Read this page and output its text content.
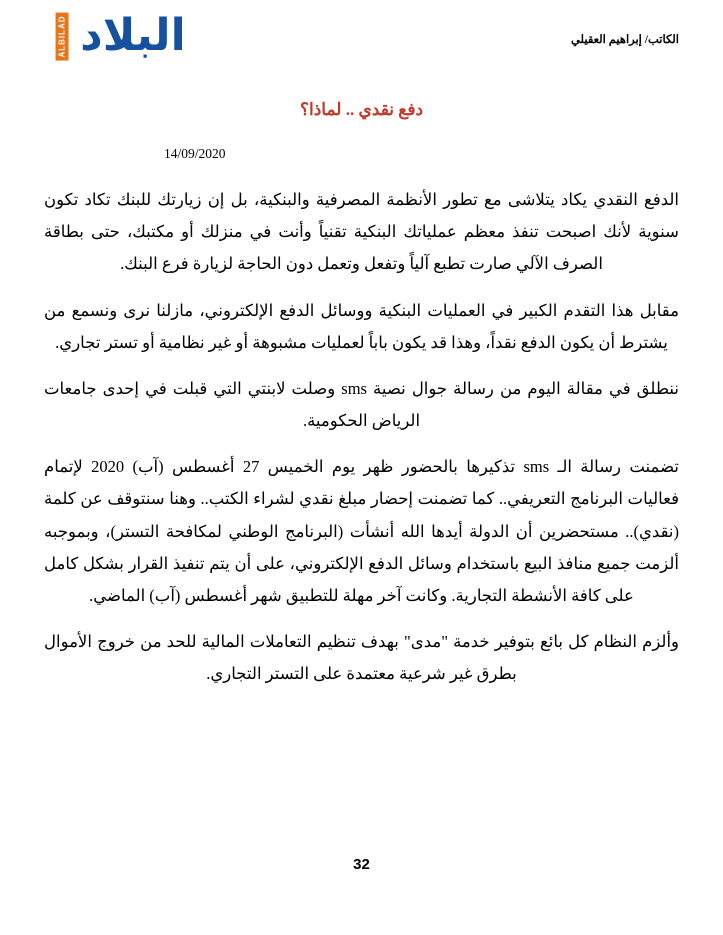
البلاد
ALBILAD	الكاتب/ إبراهيم العقيلي
دفع نقدي .. لماذا؟
14/09/2020

الدفع النقدي يكاد يتلاشى مع تطور الأنظمة المصرفية والبنكية، بل إن زيارتك للبنك تكاد تكون سنوية لأنك اصبحت تنفذ معظم عملياتك البنكية تقنياً وأنت في منزلك أو مكتبك، حتى بطاقة الصرف الآلي صارت تطبع آلياً وتفعل وتعمل دون الحاجة لزيارة فرع البنك.

مقابل هذا التقدم الكبير في العمليات البنكية ووسائل الدفع الإلكتروني، مازلنا نرى ونسمع من يشترط أن يكون الدفع نقداً، وهذا قد يكون باباً لعمليات مشبوهة أو غير نظامية أو تستر تجاري.

ننطلق في مقالة اليوم من رسالة جوال نصية sms وصلت لابنتي التي قبلت في إحدى جامعات الرياض الحكومية.

تضمنت رسالة الـ sms تذكيرها بالحضور ظهر يوم الخميس 27 أغسطس (آب) 2020 لإتمام فعاليات البرنامج التعريفي.. كما تضمنت إحضار مبلغ نقدي لشراء الكتب.. وهنا سنتوقف عن كلمة (نقدي).. مستحضرين أن الدولة أيدها الله أنشأت (البرنامج الوطني لمكافحة التستر)، وبموجبه ألزمت جميع منافذ البيع باستخدام وسائل الدفع الإلكتروني، على أن يتم تنفيذ القرار بشكل كامل على كافة الأنشطة التجارية. وكانت آخر مهلة للتطبيق شهر أغسطس (آب) الماضي.

وألزم النظام كل بائع بتوفير خدمة "مدى" بهدف تنظيم التعاملات المالية للحد من خروج الأموال بطرق غير شرعية معتمدة على التستر التجاري.

32
